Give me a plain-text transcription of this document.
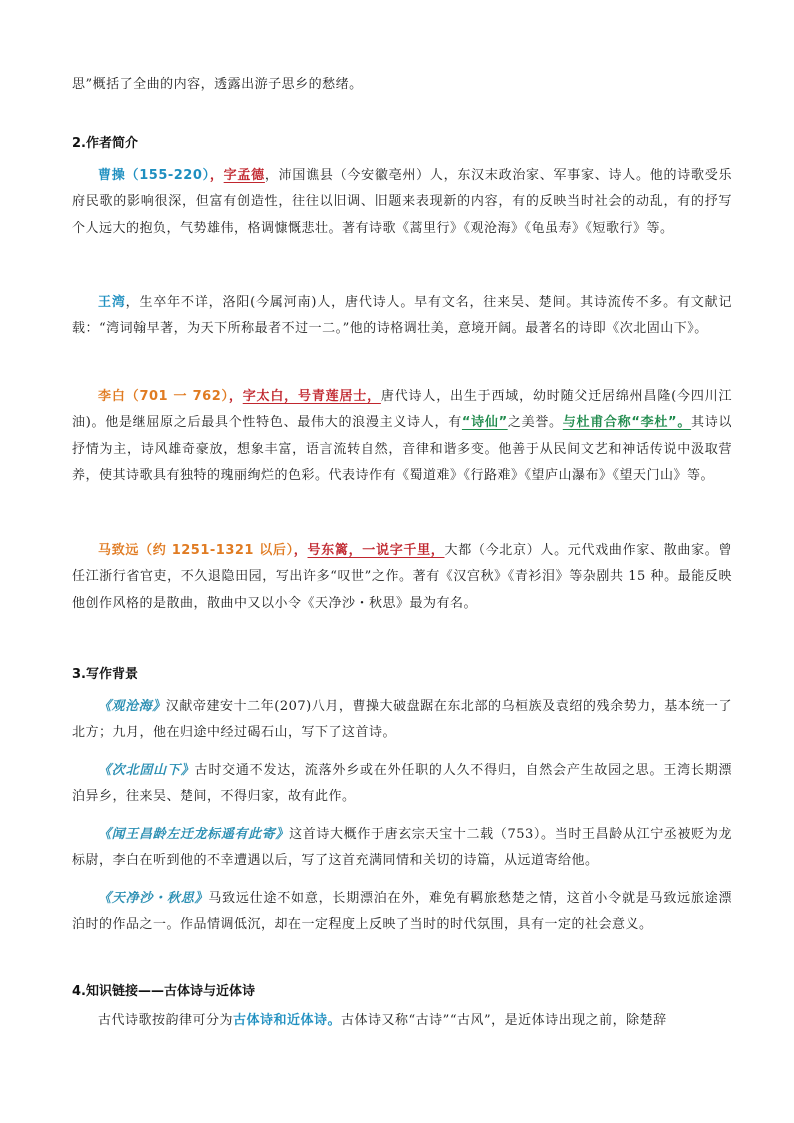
思”概括了全曲的内容，透露出游子思乡的愁绪。

2.作者简介

曹操（155-220），字孟德，沛国谯县（今安徽亳州）人，东汉末政治家、军事家、诗人。他的诗歌受乐府民歌的影响很深，但富有创造性，往往以旧调、旧题来表现新的内容，有的反映当时社会的动乱，有的抒写个人远大的抱负，气势雄伟，格调慷慨悲壮。著有诗歌《蒿里行》《观沧海》《龟虽寿》《短歌行》等。

王湾，生卒年不详，洛阳(今属河南)人，唐代诗人。早有文名，往来吴、楚间。其诗流传不多。有文献记载：“湾词翰早著，为天下所称最者不过一二。”他的诗格调壮美，意境开阔。最著名的诗即《次北固山下》。

李白（701 一 762），字太白，号青莲居士，唐代诗人，出生于西域，幼时随父迁居绵州昌隆(今四川江油)。他是继屈原之后最具个性特色、最伟大的浪漫主义诗人，有“诗仙”之美誉。与杜甫合称“李杜”。其诗以抒情为主，诗风雄奇豪放，想象丰富，语言流转自然，音律和谐多变。他善于从民间文艺和神话传说中汲取营养，使其诗歌具有独特的瑰丽绚烂的色彩。代表诗作有《蜀道难》《行路难》《望庐山瀑布》《望天门山》等。

马致远（约 1251-1321 以后），号东篱，一说字千里，大都（今北京）人。元代戏曲作家、散曲家。曾任江浙行省官吏，不久退隐田园，写出许多“叹世”之作。著有《汉宫秋》《青衫泪》等杂剧共 15 种。最能反映他创作风格的是散曲，散曲中又以小令《天净沙・秋思》最为有名。

3.写作背景

《观沧海》汉献帝建安十二年(207)八月，曹操大破盘踞在东北部的乌桓族及袁绍的残余势力，基本统一了北方；九月，他在归途中经过碣石山，写下了这首诗。

《次北固山下》古时交通不发达，流落外乡或在外任职的人久不得归，自然会产生故园之思。王湾长期漂泊异乡，往来吴、楚间，不得归家，故有此作。

《闻王昌龄左迁龙标遥有此寄》这首诗大概作于唐玄宗天宝十二载（753）。当时王昌龄从江宁丞被贬为龙标尉，李白在听到他的不幸遭遇以后，写了这首充满同情和关切的诗篇，从远道寄给他。

《天净沙・秋思》马致远仕途不如意，长期漂泊在外，难免有羁旅愁楚之情，这首小令就是马致远旅途漂泊时的作品之一。作品情调低沉，却在一定程度上反映了当时的时代氛围，具有一定的社会意义。

4.知识链接——古体诗与近体诗

古代诗歌按韵律可分为古体诗和近体诗。古体诗又称“古诗”“古风”，是近体诗出现之前，除楚辞
